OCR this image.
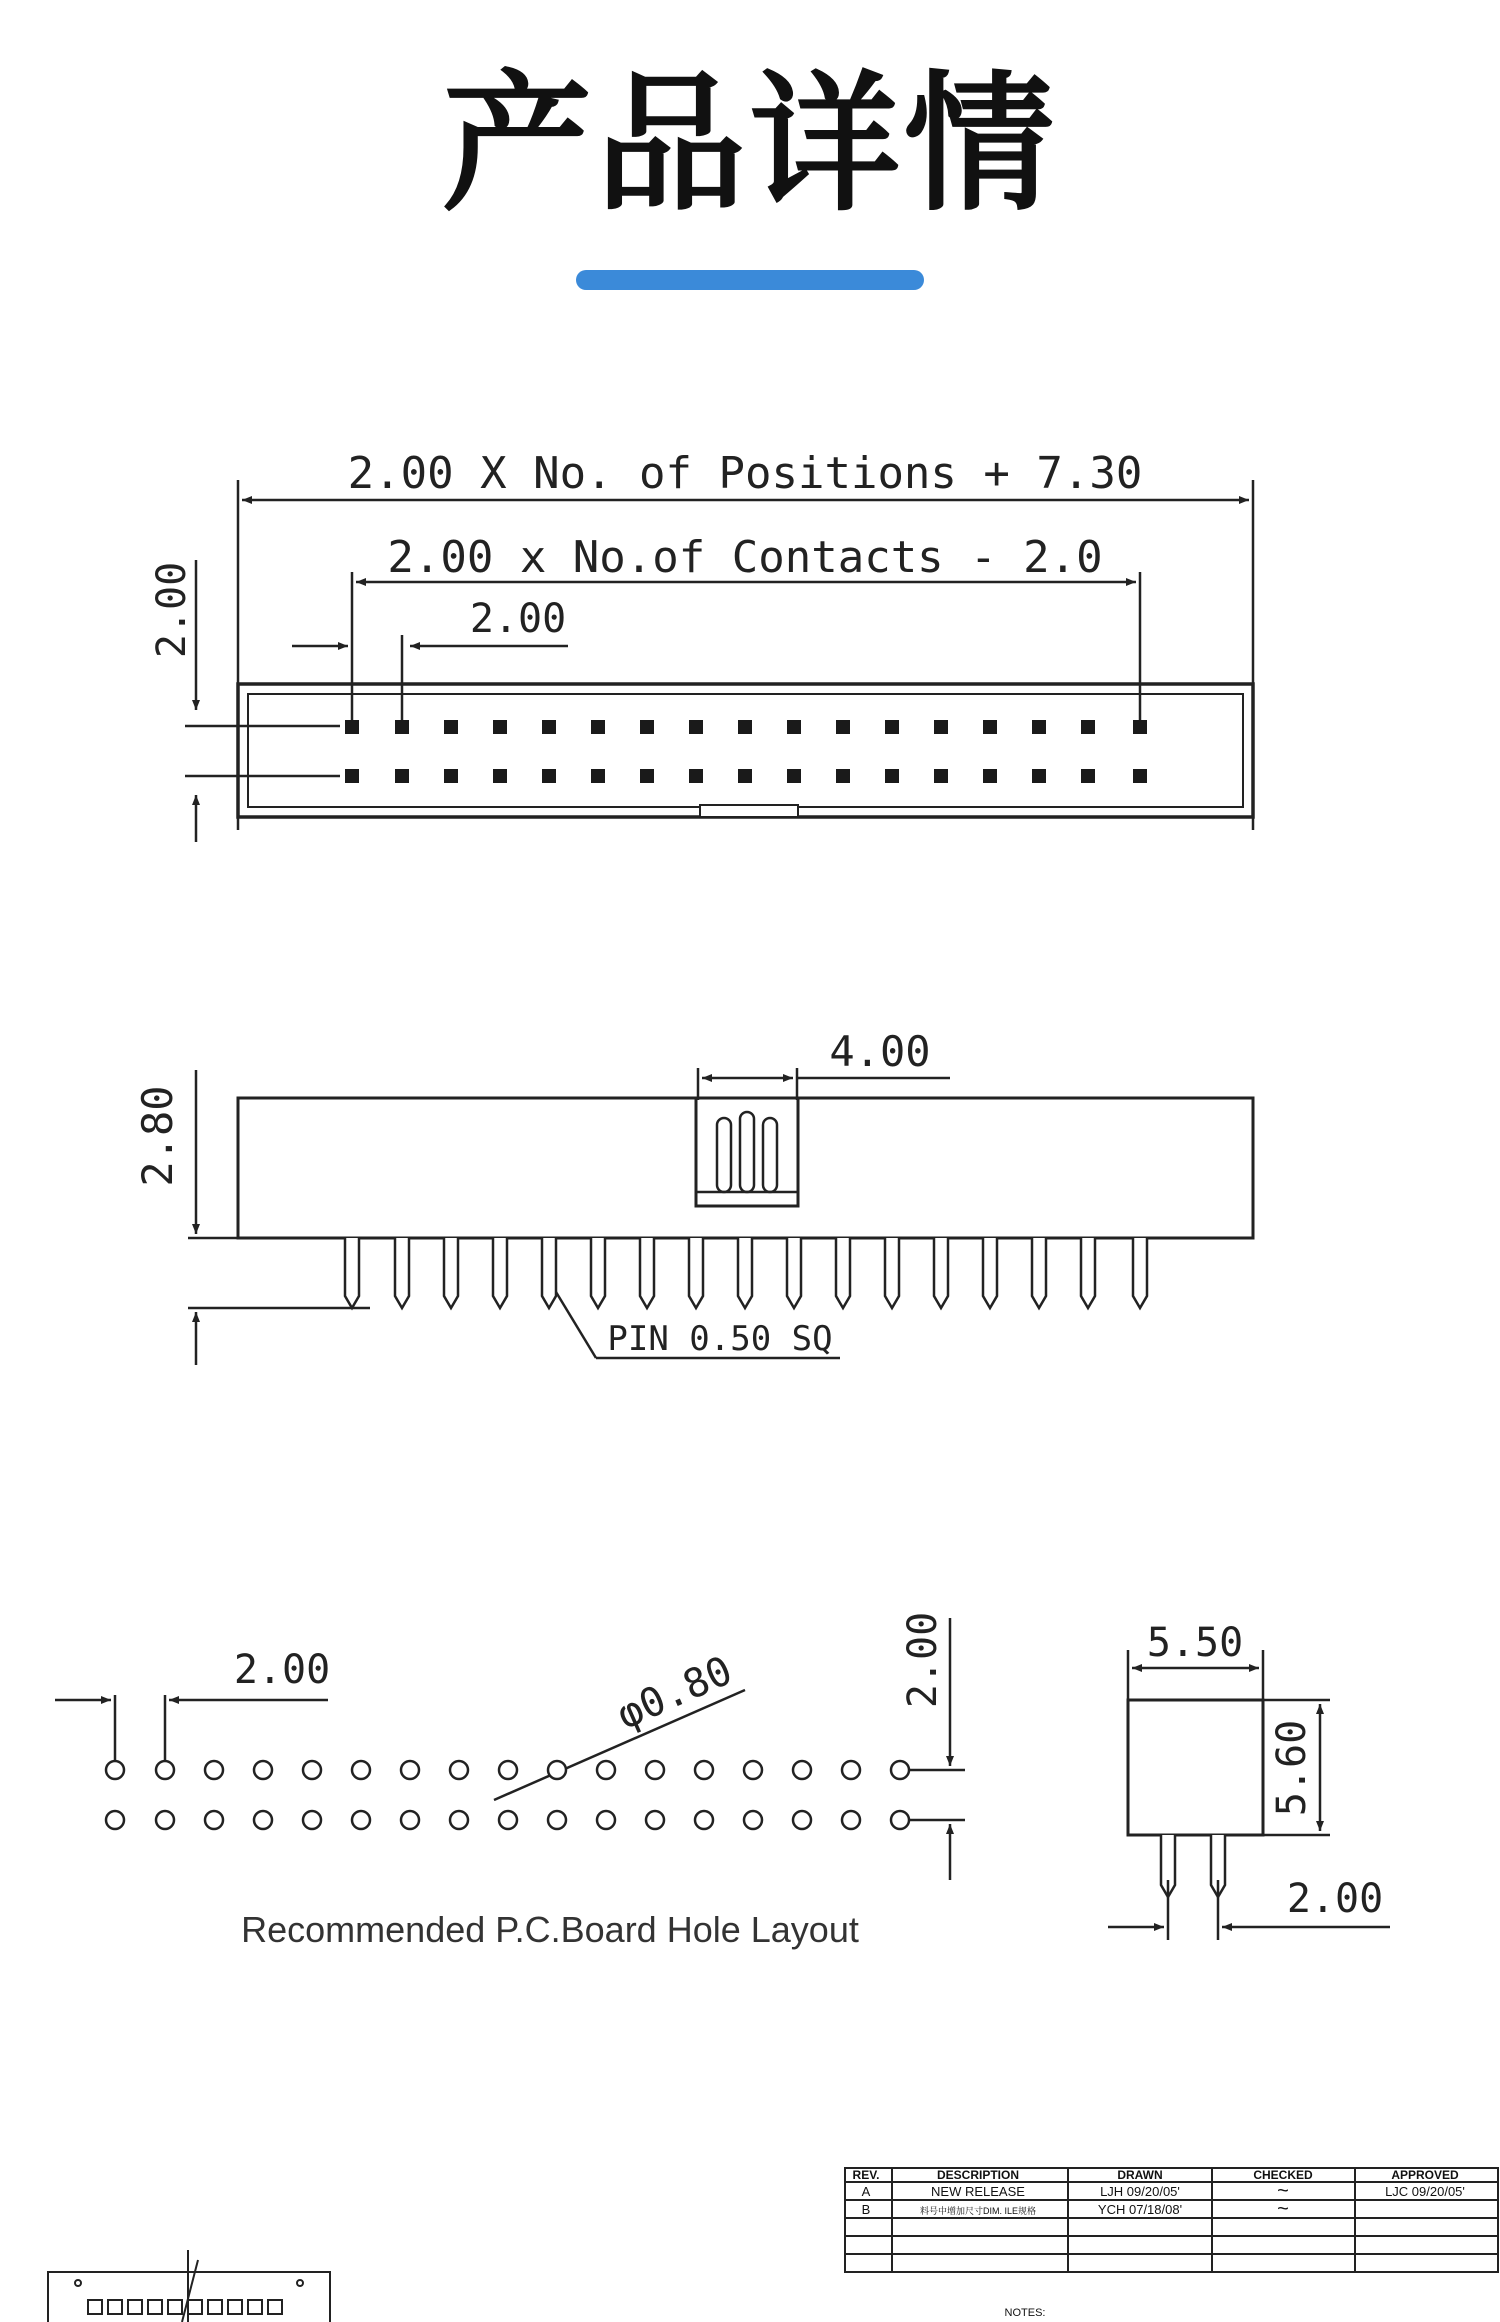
产品详情
2.00 X No. of Positions + 7.30
2.00 x No.of Contacts - 2.0
2.00
2.00
4.00
2.80
PIN 0.50 SQ
2.00	φ0.80	2.00
Recommended P.C.Board Hole Layout
5.50
5.60
2.00
REV.	DESCRIPTION	DRAWN	CHECKED	APPROVED
A	NEW RELEASE	LJH 09/20/05'	~	LJC 09/20/05'
B	料号中增加尺寸DIM. ILE规格	YCH 07/18/08'	~
NOTES:
